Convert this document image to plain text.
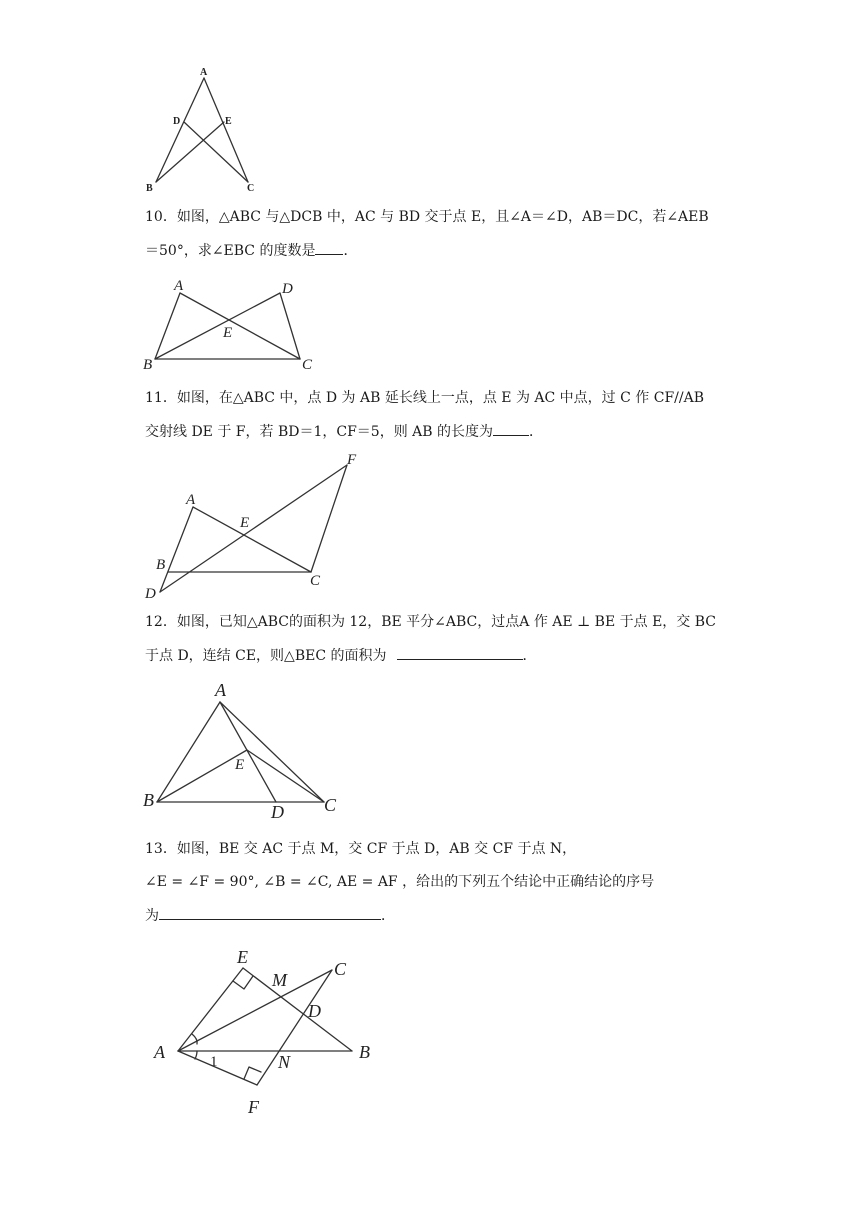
A
D	E
B	C
10．如图，△ABC 与△DCB 中，AC 与 BD 交于点 E，且∠A＝∠D，AB＝DC，若∠AEB
＝50°，求∠EBC 的度数是 ．
A	D
E
B	C
11．如图，在△ABC 中，点 D 为 AB 延长线上一点，点 E 为 AC 中点，过 C 作 CF//AB
交射线 DE 于 F，若 BD＝1，CF＝5，则 AB 的长度为	．
F
A
E
B
C
D
12．如图，已知△ABC的面积为 12，BE 平分∠ABC，过点A 作 AE ⊥ BE 于点 E，交 BC
于点 D，连结 CE，则△BEC 的面积为	．
A
E
B
D C
13．如图，BE 交 AC 于点 M，交 CF 于点 D，AB 交 CF 于点 N，
∠E = ∠F = 90°, ∠B = ∠C, AE = AF ，给出的下列五个结论中正确结论的序号
为	．
E
C
M
D
A	1	N	B
F
